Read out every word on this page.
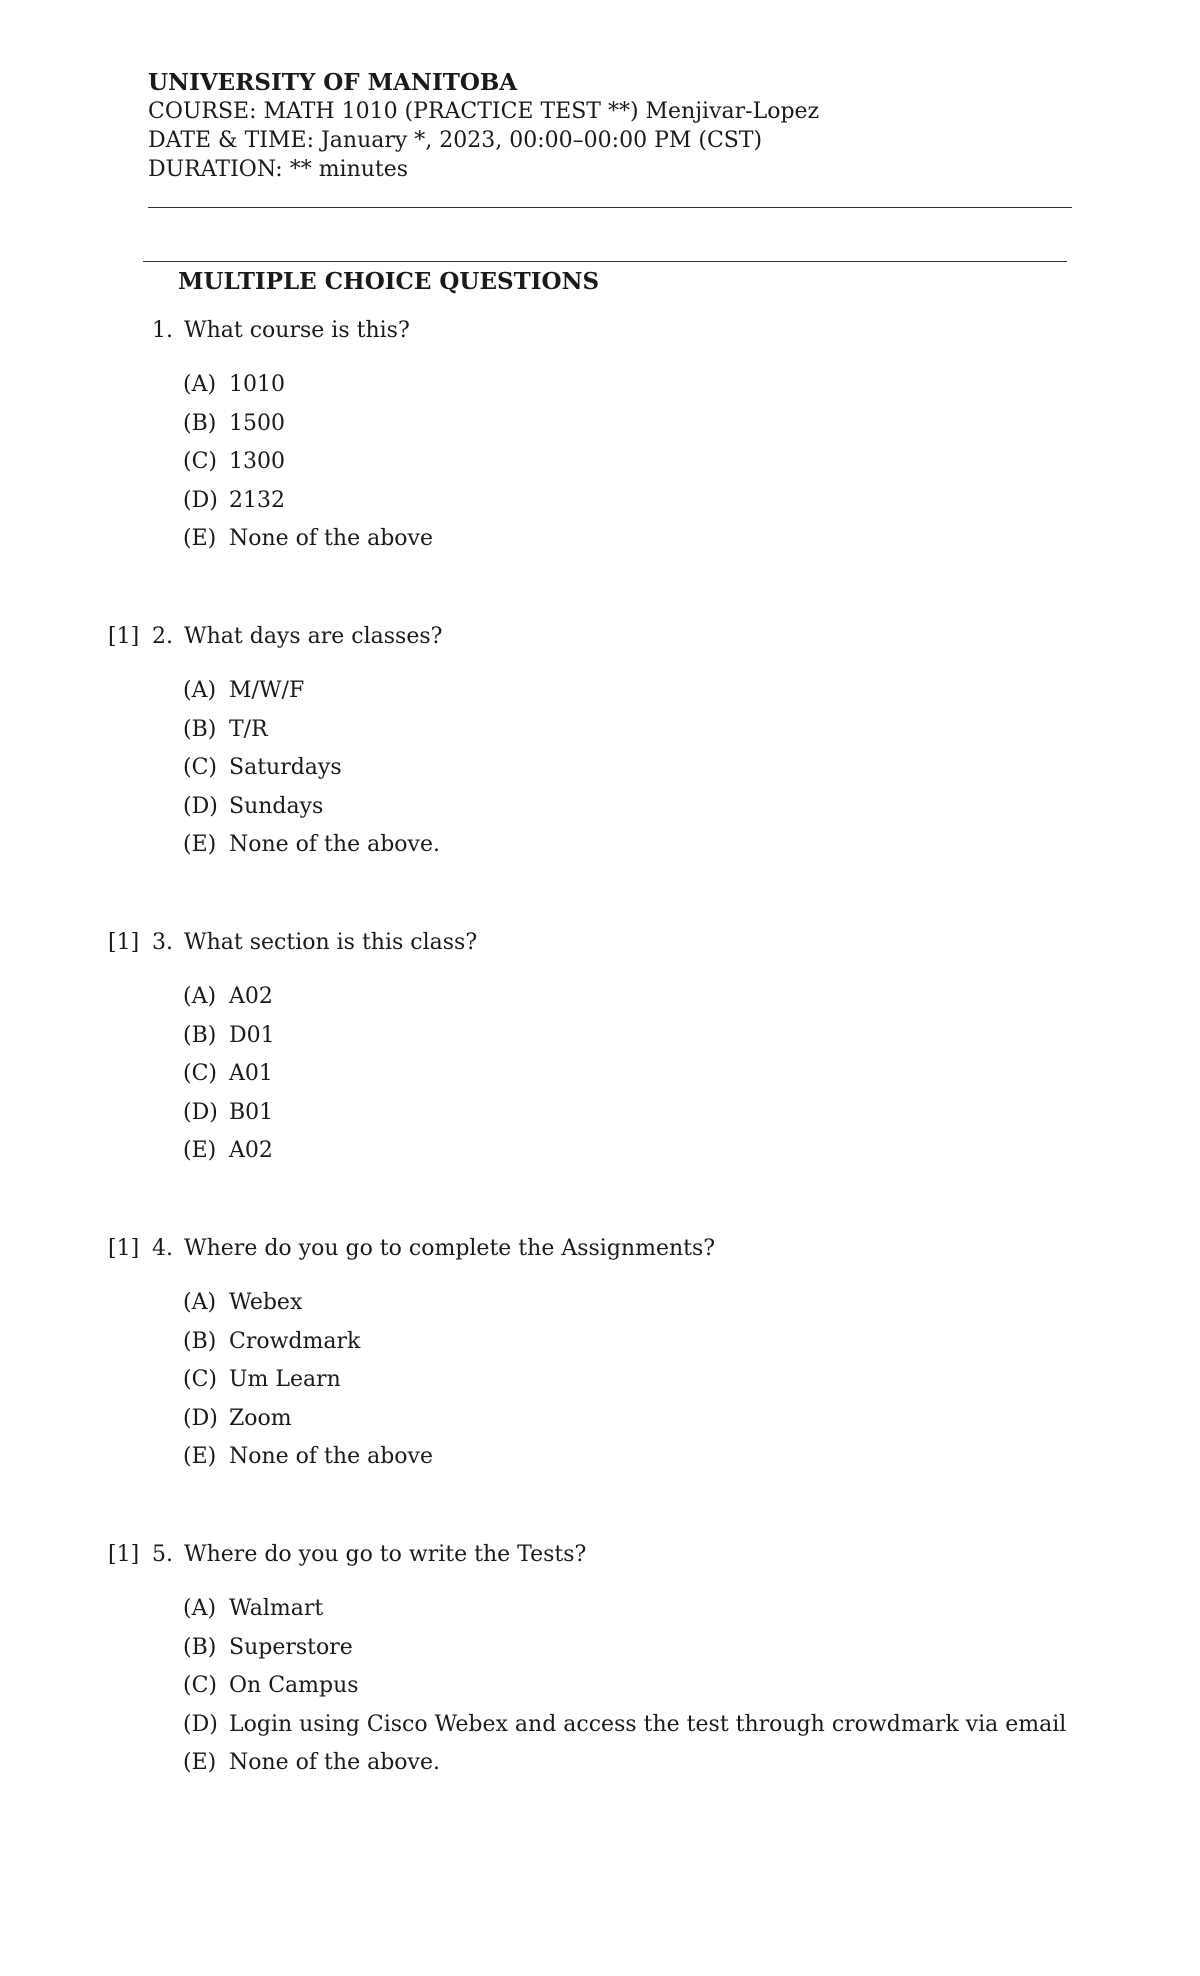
UNIVERSITY OF MANITOBA
COURSE: MATH 1010 (PRACTICE TEST **) Menjivar-Lopez
DATE & TIME: January *, 2023, 00:00–00:00 PM (CST)
DURATION: ** minutes
MULTIPLE CHOICE QUESTIONS
1. What course is this?
(A) 1010
(B) 1500
(C) 1300
(D) 2132
(E) None of the above
[1] 2. What days are classes?
(A) M/W/F
(B) T/R
(C) Saturdays
(D) Sundays
(E) None of the above.
[1] 3. What section is this class?
(A) A02
(B) D01
(C) A01
(D) B01
(E) A02
[1] 4. Where do you go to complete the Assignments?
(A) Webex
(B) Crowdmark
(C) Um Learn
(D) Zoom
(E) None of the above
[1] 5. Where do you go to write the Tests?
(A) Walmart
(B) Superstore
(C) On Campus
(D) Login using Cisco Webex and access the test through crowdmark via email
(E) None of the above.
